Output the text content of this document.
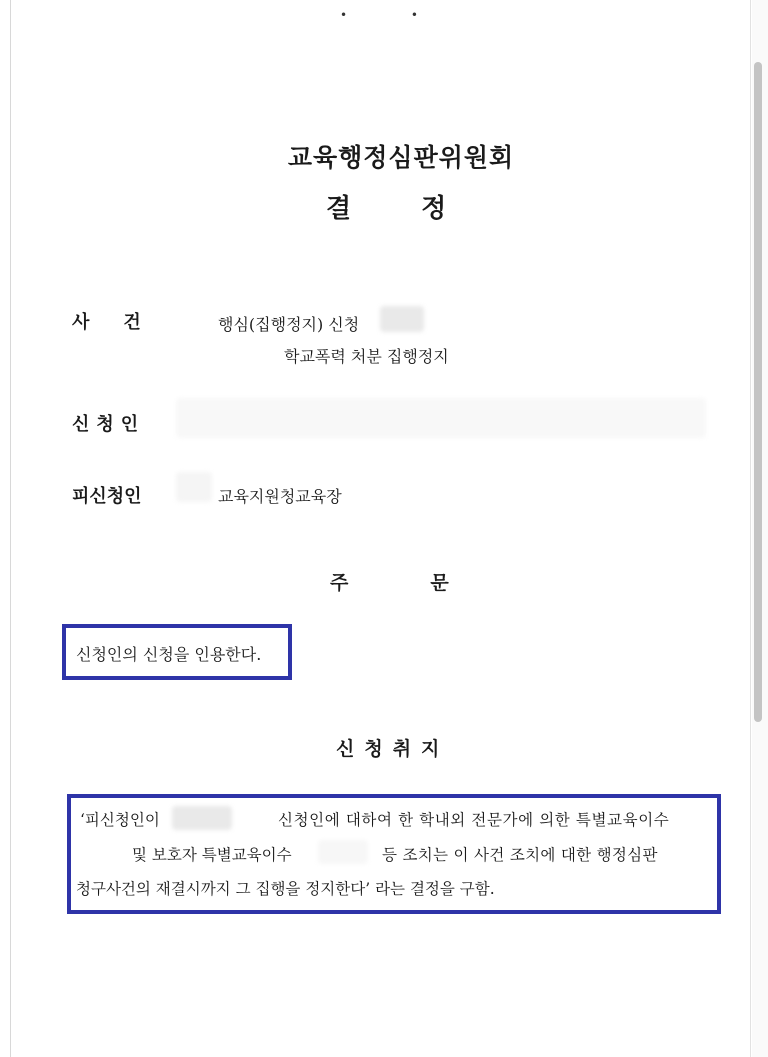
• •
교육행정심판위원회
결정
사건	행심(집행정지) 신청
학교폭력 처분 집행정지
신청인
피신청인	교육지원청교육장
주문
신청인의 신청을 인용한다.
신청취지
‘피신청인이	신청인에 대하여 한 학내외 전문가에 의한 특별교육이수
및 보호자 특별교육이수	등 조치는 이 사건 조치에 대한 행정심판
청구사건의 재결시까지 그 집행을 정지한다’ 라는 결정을 구함.
